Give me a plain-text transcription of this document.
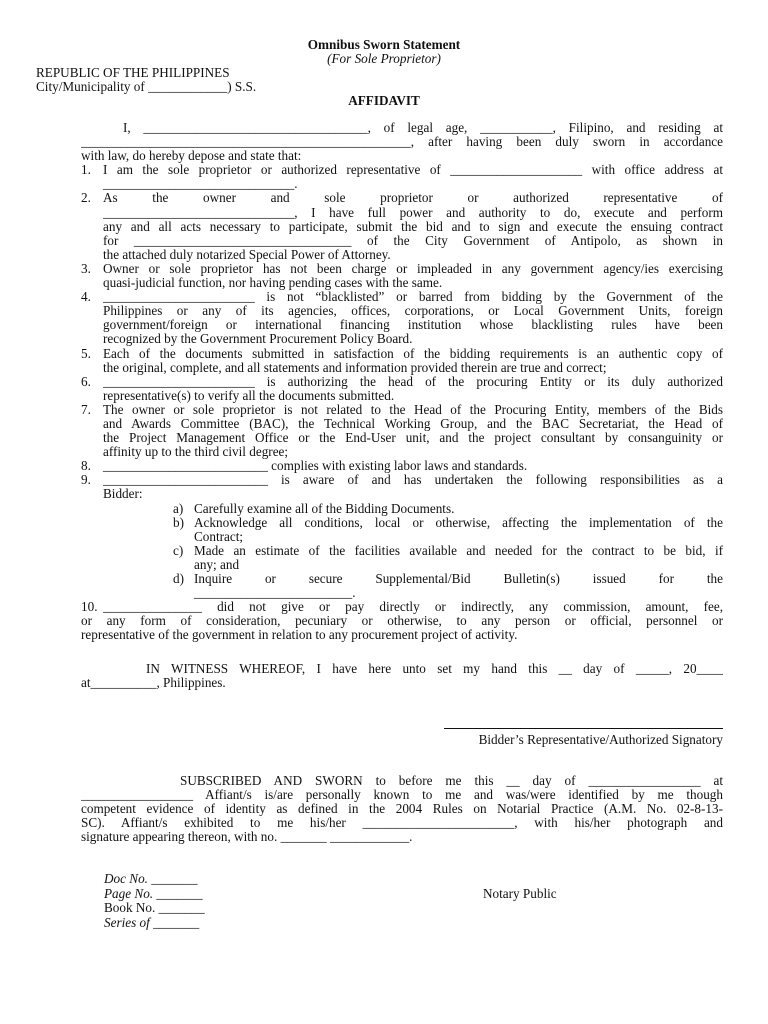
Omnibus Sworn Statement
(For Sole Proprietor)
REPUBLIC OF THE PHILIPPINES
City/Municipality of ____________) S.S.
AFFIDAVIT
I, __________________________________, of legal age, ___________, Filipino, and residing at
__________________________________________________, after having been duly sworn in accordance
with law, do hereby depose and state that:
1. I am the sole proprietor or authorized representative of ____________________ with office address at
_____________________________.
2. As the owner and sole proprietor or authorized representative of
_____________________________, I have full power and authority to do, execute and perform
any and all acts necessary to participate, submit the bid and to sign and execute the ensuing contract
for _________________________________ of the City Government of Antipolo, as shown in
the attached duly notarized Special Power of Attorney.
3. Owner or sole proprietor has not been charge or impleaded in any government agency/ies exercising
quasi-judicial function, nor having pending cases with the same.
4. _______________________ is not “blacklisted” or barred from bidding by the Government of the
Philippines or any of its agencies, offices, corporations, or Local Government Units, foreign
government/foreign or international financing institution whose blacklisting rules have been
recognized by the Government Procurement Policy Board.
5. Each of the documents submitted in satisfaction of the bidding requirements is an authentic copy of
the original, complete, and all statements and information provided therein are true and correct;
6. _______________________ is authorizing the head of the procuring Entity or its duly authorized
representative(s) to verify all the documents submitted.
7. The owner or sole proprietor is not related to the Head of the Procuring Entity, members of the Bids
and Awards Committee (BAC), the Technical Working Group, and the BAC Secretariat, the Head of
the Project Management Office or the End-User unit, and the project consultant by consanguinity or
affinity up to the third civil degree;
8. _________________________ complies with existing labor laws and standards.
9. _________________________ is aware of and has undertaken the following responsibilities as a
Bidder:
a) Carefully examine all of the Bidding Documents.
b) Acknowledge all conditions, local or otherwise, affecting the implementation of the
Contract;
c) Made an estimate of the facilities available and needed for the contract to be bid, if
any; and
d) Inquire or secure Supplemental/Bid Bulletin(s) issued for the
________________________.
10. _______________ did not give or pay directly or indirectly, any commission, amount, fee,
or any form of consideration, pecuniary or otherwise, to any person or official, personnel or
representative of the government in relation to any procurement project of activity.
IN WITNESS WHEREOF, I have here unto set my hand this __ day of _____, 20____
at__________, Philippines.
Bidder’s Representative/Authorized Signatory
SUBSCRIBED AND SWORN to before me this __ day of _________________ at
_________________ Affiant/s is/are personally known to me and was/were identified by me though
competent evidence of identity as defined in the 2004 Rules on Notarial Practice (A.M. No. 02-8-13-
SC). Affiant/s exhibited to me his/her _______________________, with his/her photograph and
signature appearing thereon, with no. _______ ____________.
Doc No. _______
Page No. _______
Book No. _______
Series of _______
Notary Public
